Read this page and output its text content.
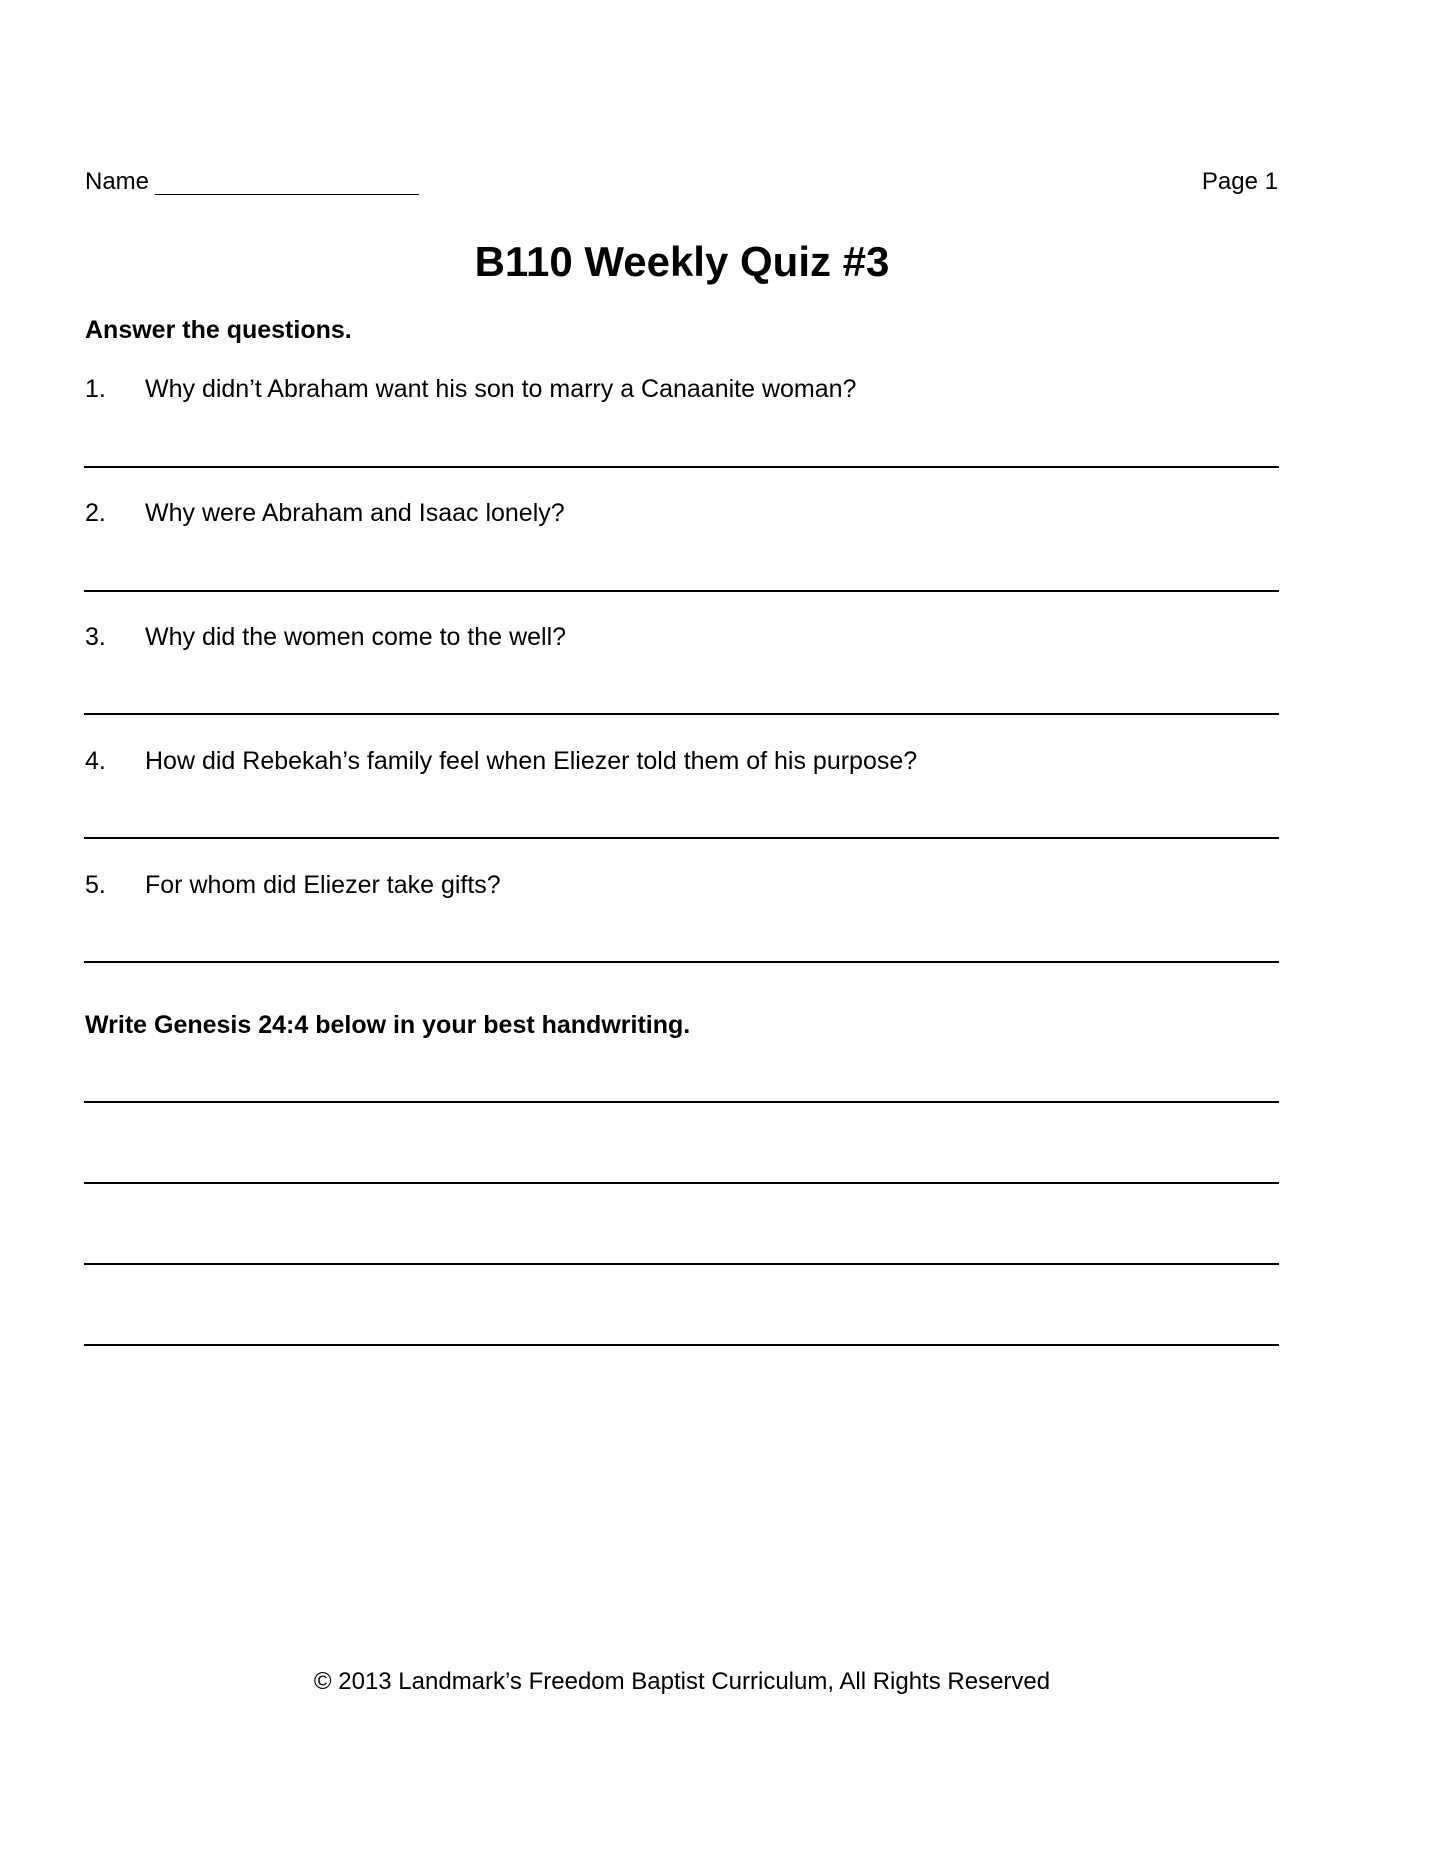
Name	Page 1
B110 Weekly Quiz #3
Answer the questions.
1. Why didn’t Abraham want his son to marry a Canaanite woman?
2. Why were Abraham and Isaac lonely?
3. Why did the women come to the well?
4. How did Rebekah’s family feel when Eliezer told them of his purpose?
5. For whom did Eliezer take gifts?
Write Genesis 24:4 below in your best handwriting.
© 2013 Landmark’s Freedom Baptist Curriculum, All Rights Reserved
